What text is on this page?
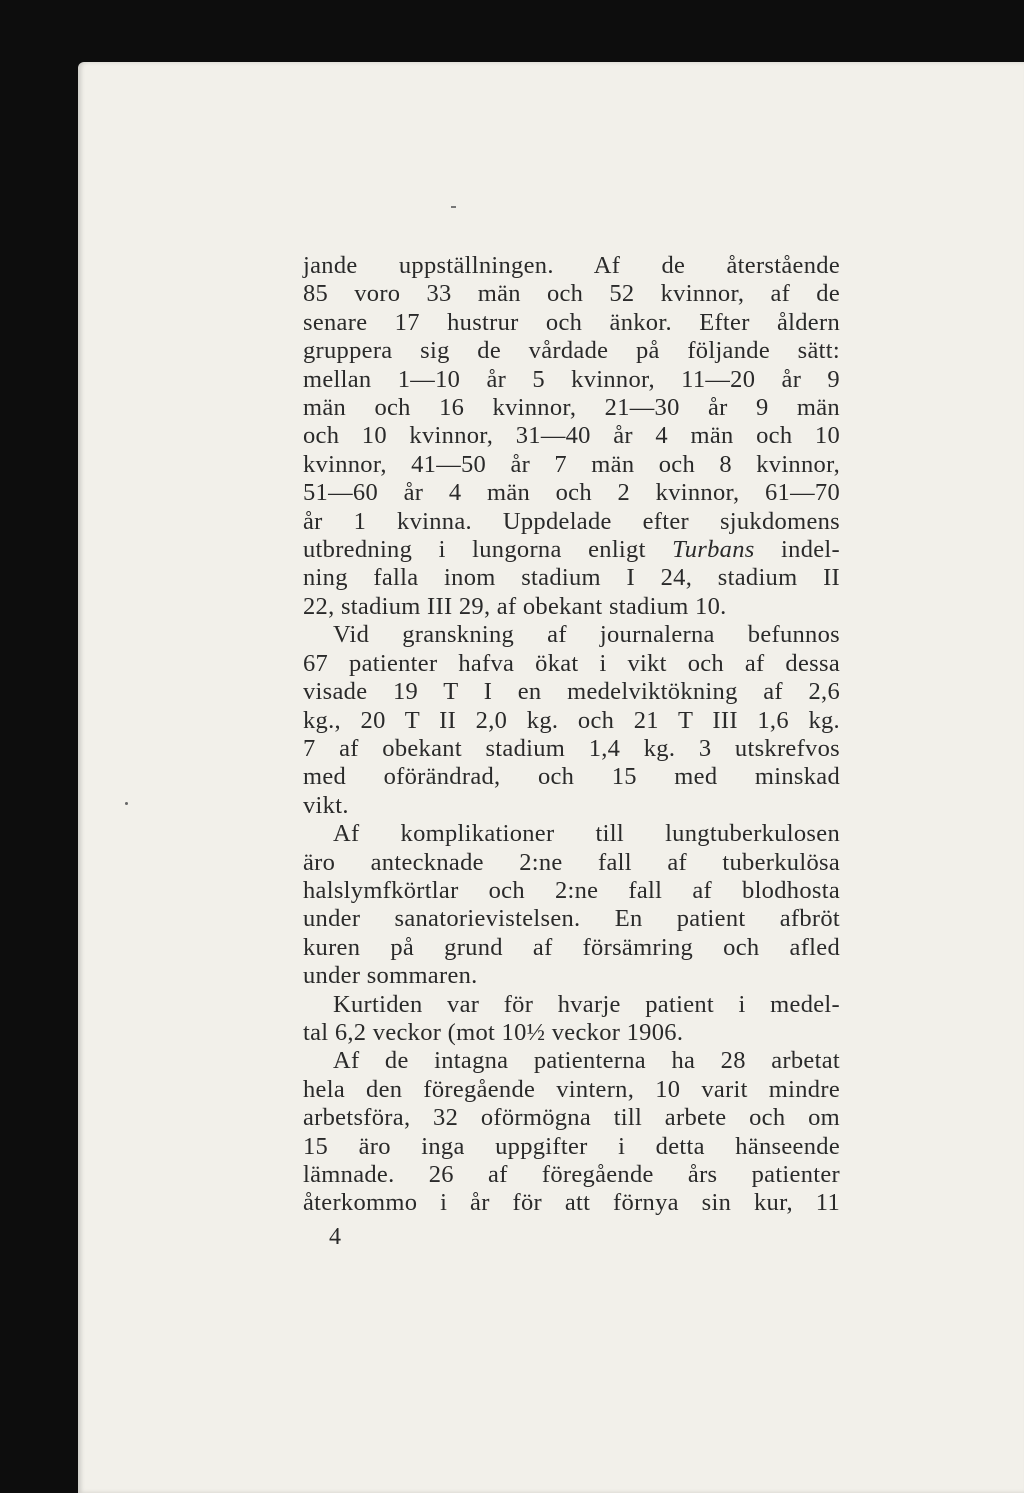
jande uppställningen. Af de återstående
85 voro 33 män och 52 kvinnor, af de
senare 17 hustrur och änkor. Efter åldern
gruppera sig de vårdade på följande sätt:
mellan 1—10 år 5 kvinnor, 11—20 år 9
män och 16 kvinnor, 21—30 år 9 män
och 10 kvinnor, 31—40 år 4 män och 10
kvinnor, 41—50 år 7 män och 8 kvinnor,
51—60 år 4 män och 2 kvinnor, 61—70
år 1 kvinna. Uppdelade efter sjukdomens
utbredning i lungorna enligt Turbans indel-
ning falla inom stadium I 24, stadium II
22, stadium III 29, af obekant stadium 10.
Vid granskning af journalerna befunnos
67 patienter hafva ökat i vikt och af dessa
visade 19 T I en medelviktökning af 2,6
kg., 20 T II 2,0 kg. och 21 T III 1,6 kg.
7 af obekant stadium 1,4 kg. 3 utskrefvos
med oförändrad, och 15 med minskad
vikt.
Af komplikationer till lungtuberkulosen
äro antecknade 2:ne fall af tuberkulösa
halslymfkörtlar och 2:ne fall af blodhosta
under sanatorievistelsen. En patient afbröt
kuren på grund af försämring och afled
under sommaren.
Kurtiden var för hvarje patient i medel-
tal 6,2 veckor (mot 10½ veckor 1906.
Af de intagna patienterna ha 28 arbetat
hela den föregående vintern, 10 varit mindre
arbetsföra, 32 oförmögna till arbete och om
15 äro inga uppgifter i detta hänseende
lämnade. 26 af föregående års patienter
återkommo i år för att förnya sin kur, 11
4
